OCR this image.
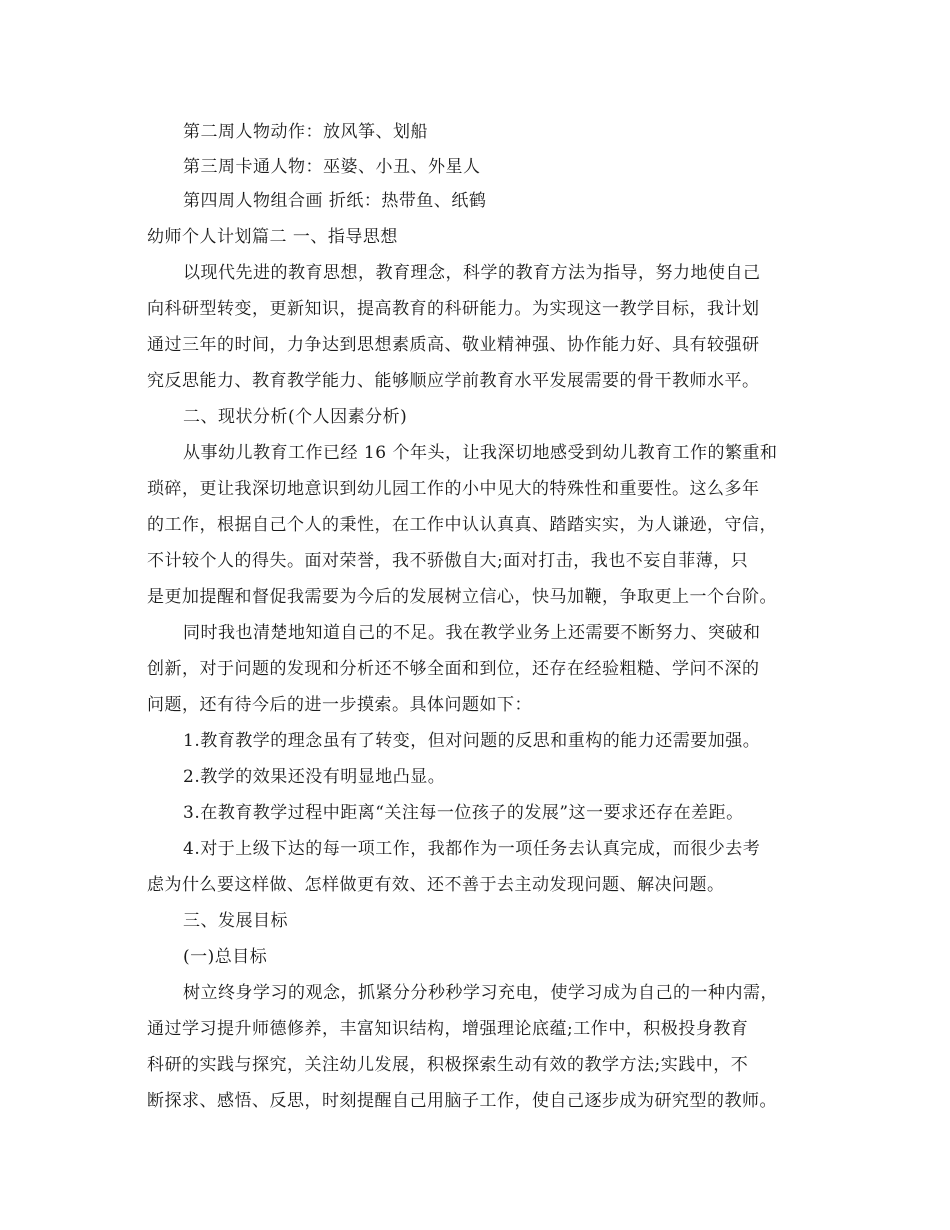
第二周人物动作：放风筝、划船
第三周卡通人物：巫婆、小丑、外星人
第四周人物组合画 折纸：热带鱼、纸鹤
幼师个人计划篇二 一、指导思想
以现代先进的教育思想，教育理念，科学的教育方法为指导，努力地使自己
向科研型转变，更新知识，提高教育的科研能力。为实现这一教学目标，我计划
通过三年的时间，力争达到思想素质高、敬业精神强、协作能力好、具有较强研
究反思能力、教育教学能力、能够顺应学前教育水平发展需要的骨干教师水平。
二、现状分析(个人因素分析)
从事幼儿教育工作已经 16 个年头，让我深切地感受到幼儿教育工作的繁重和
琐碎，更让我深切地意识到幼儿园工作的小中见大的特殊性和重要性。这么多年
的工作，根据自己个人的秉性，在工作中认认真真、踏踏实实，为人谦逊，守信，
不计较个人的得失。面对荣誉，我不骄傲自大;面对打击，我也不妄自菲薄，只
是更加提醒和督促我需要为今后的发展树立信心，快马加鞭，争取更上一个台阶。
同时我也清楚地知道自己的不足。我在教学业务上还需要不断努力、突破和
创新，对于问题的发现和分析还不够全面和到位，还存在经验粗糙、学问不深的
问题，还有待今后的进一步摸索。具体问题如下：
1.教育教学的理念虽有了转变，但对问题的反思和重构的能力还需要加强。
2.教学的效果还没有明显地凸显。
3.在教育教学过程中距离“关注每一位孩子的发展”这一要求还存在差距。
4.对于上级下达的每一项工作，我都作为一项任务去认真完成，而很少去考
虑为什么要这样做、怎样做更有效、还不善于去主动发现问题、解决问题。
三、发展目标
(一)总目标
树立终身学习的观念，抓紧分分秒秒学习充电，使学习成为自己的一种内需，
通过学习提升师德修养，丰富知识结构，增强理论底蕴;工作中，积极投身教育
科研的实践与探究，关注幼儿发展，积极探索生动有效的教学方法;实践中，不
断探求、感悟、反思，时刻提醒自己用脑子工作，使自己逐步成为研究型的教师。
